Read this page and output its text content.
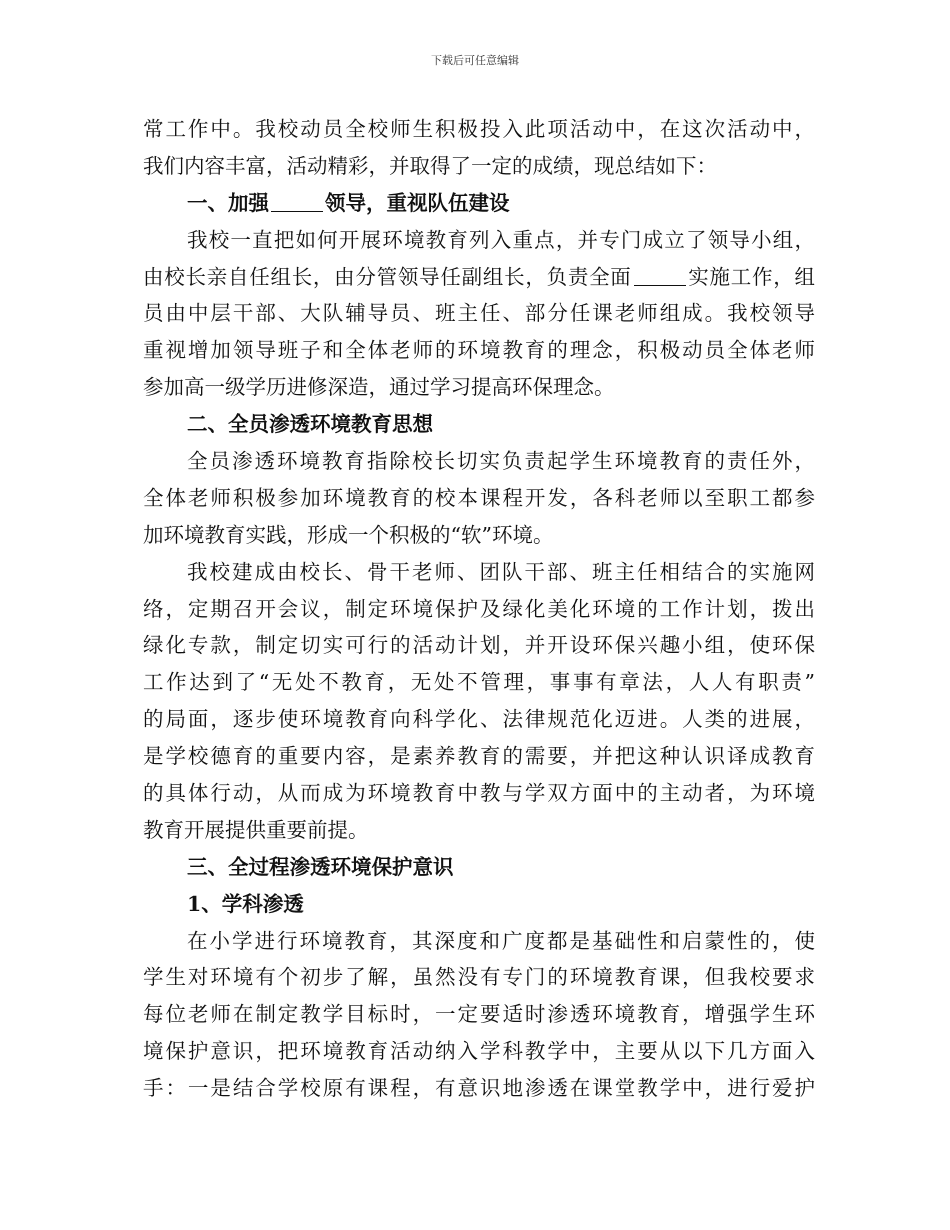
下载后可任意编辑
常工作中。我校动员全校师生积极投入此项活动中，在这次活动中，
我们内容丰富，活动精彩，并取得了一定的成绩，现总结如下：
一、加强	领导，重视队伍建设
我校一直把如何开展环境教育列入重点，并专门成立了领导小组，
由校长亲自任组长，由分管领导任副组长，负责全面	实施工作，组
员由中层干部、大队辅导员、班主任、部分任课老师组成。我校领导
重视增加领导班子和全体老师的环境教育的理念，积极动员全体老师
参加高一级学历进修深造，通过学习提高环保理念。
二、全员渗透环境教育思想
全员渗透环境教育指除校长切实负责起学生环境教育的责任外，
全体老师积极参加环境教育的校本课程开发，各科老师以至职工都参
加环境教育实践，形成一个积极的“软”环境。
我校建成由校长、骨干老师、团队干部、班主任相结合的实施网
络，定期召开会议，制定环境保护及绿化美化环境的工作计划，拨出
绿化专款，制定切实可行的活动计划，并开设环保兴趣小组，使环保
工作达到了“无处不教育，无处不管理，事事有章法，人人有职责”
的局面，逐步使环境教育向科学化、法律规范化迈进。人类的进展，
是学校德育的重要内容，是素养教育的需要，并把这种认识译成教育
的具体行动，从而成为环境教育中教与学双方面中的主动者，为环境
教育开展提供重要前提。
三、全过程渗透环境保护意识
1、学科渗透
在小学进行环境教育，其深度和广度都是基础性和启蒙性的，使
学生对环境有个初步了解，虽然没有专门的环境教育课，但我校要求
每位老师在制定教学目标时，一定要适时渗透环境教育，增强学生环
境保护意识，把环境教育活动纳入学科教学中，主要从以下几方面入
手：一是结合学校原有课程，有意识地渗透在课堂教学中，进行爱护
